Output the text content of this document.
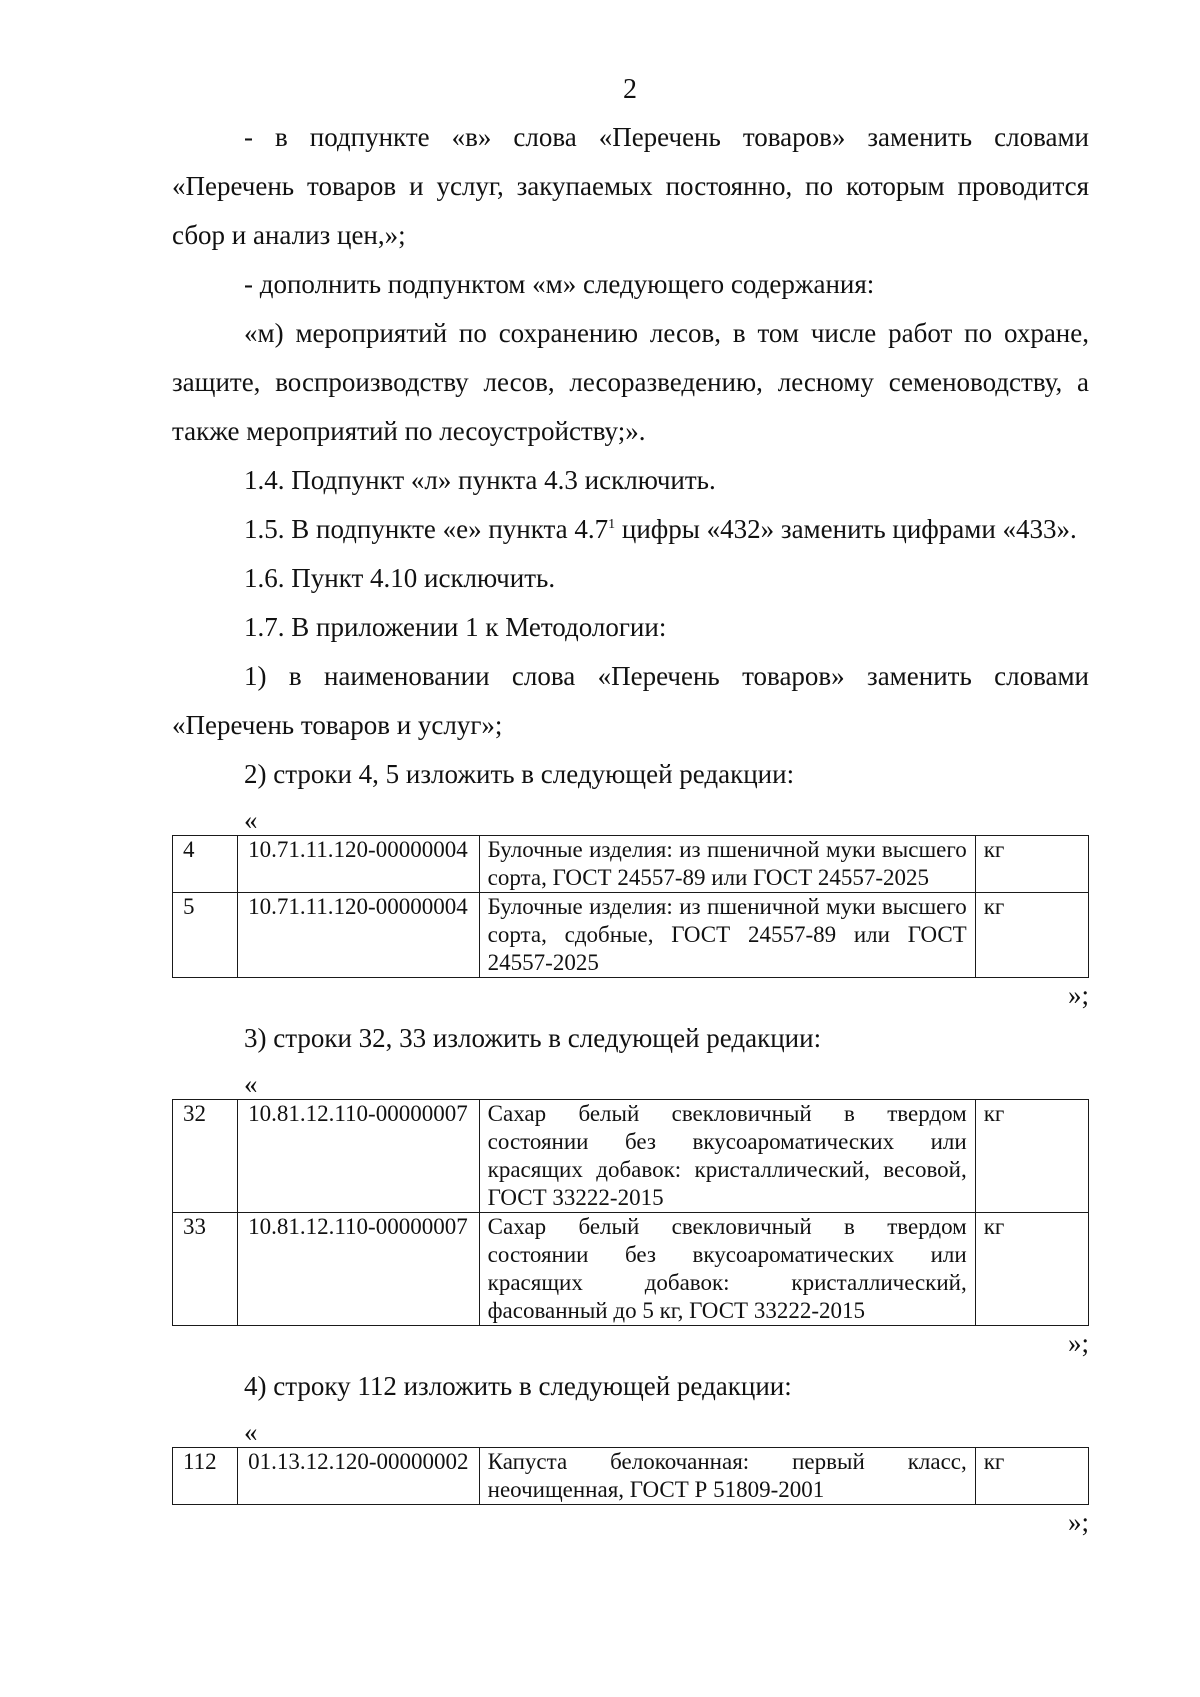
2

- в подпункте «в» слова «Перечень товаров» заменить словами «Перечень товаров и услуг, закупаемых постоянно, по которым проводится сбор и анализ цен,»;

- дополнить подпунктом «м» следующего содержания:

«м) мероприятий по сохранению лесов, в том числе работ по охране, защите, воспроизводству лесов, лесоразведению, лесному семеноводству, а также мероприятий по лесоустройству;».

1.4. Подпункт «л» пункта 4.3 исключить.

1.5. В подпункте «е» пункта $4.7^1$ цифры «432» заменить цифрами «433».

1.6. Пункт 4.10 исключить.

1.7. В приложении 1 к Методологии:

1) в наименовании слова «Перечень товаров» заменить словами «Перечень товаров и услуг»;

2) строки 4, 5 изложить в следующей редакции:

«
4	10.71.11.120-00000004	Булочные изделия: из пшеничной муки высшего сорта, ГОСТ 24557-89 или ГОСТ 24557-2025	кг
5	10.71.11.120-00000004	Булочные изделия: из пшеничной муки высшего сорта, сдобные, ГОСТ 24557-89 или ГОСТ 24557-2025	кг
»;

3) строки 32, 33 изложить в следующей редакции:

«
32	10.81.12.110-00000007	Сахар белый свекловичный в твердом состоянии без вкусоароматических или красящих добавок: кристаллический, весовой, ГОСТ 33222-2015	кг
33	10.81.12.110-00000007	Сахар белый свекловичный в твердом состоянии без вкусоароматических или красящих добавок: кристаллический, фасованный до 5 кг, ГОСТ 33222-2015	кг
»;

4) строку 112 изложить в следующей редакции:

«
112	01.13.12.120-00000002	Капуста белокочанная: первый класс, неочищенная, ГОСТ Р 51809-2001	кг
»;
